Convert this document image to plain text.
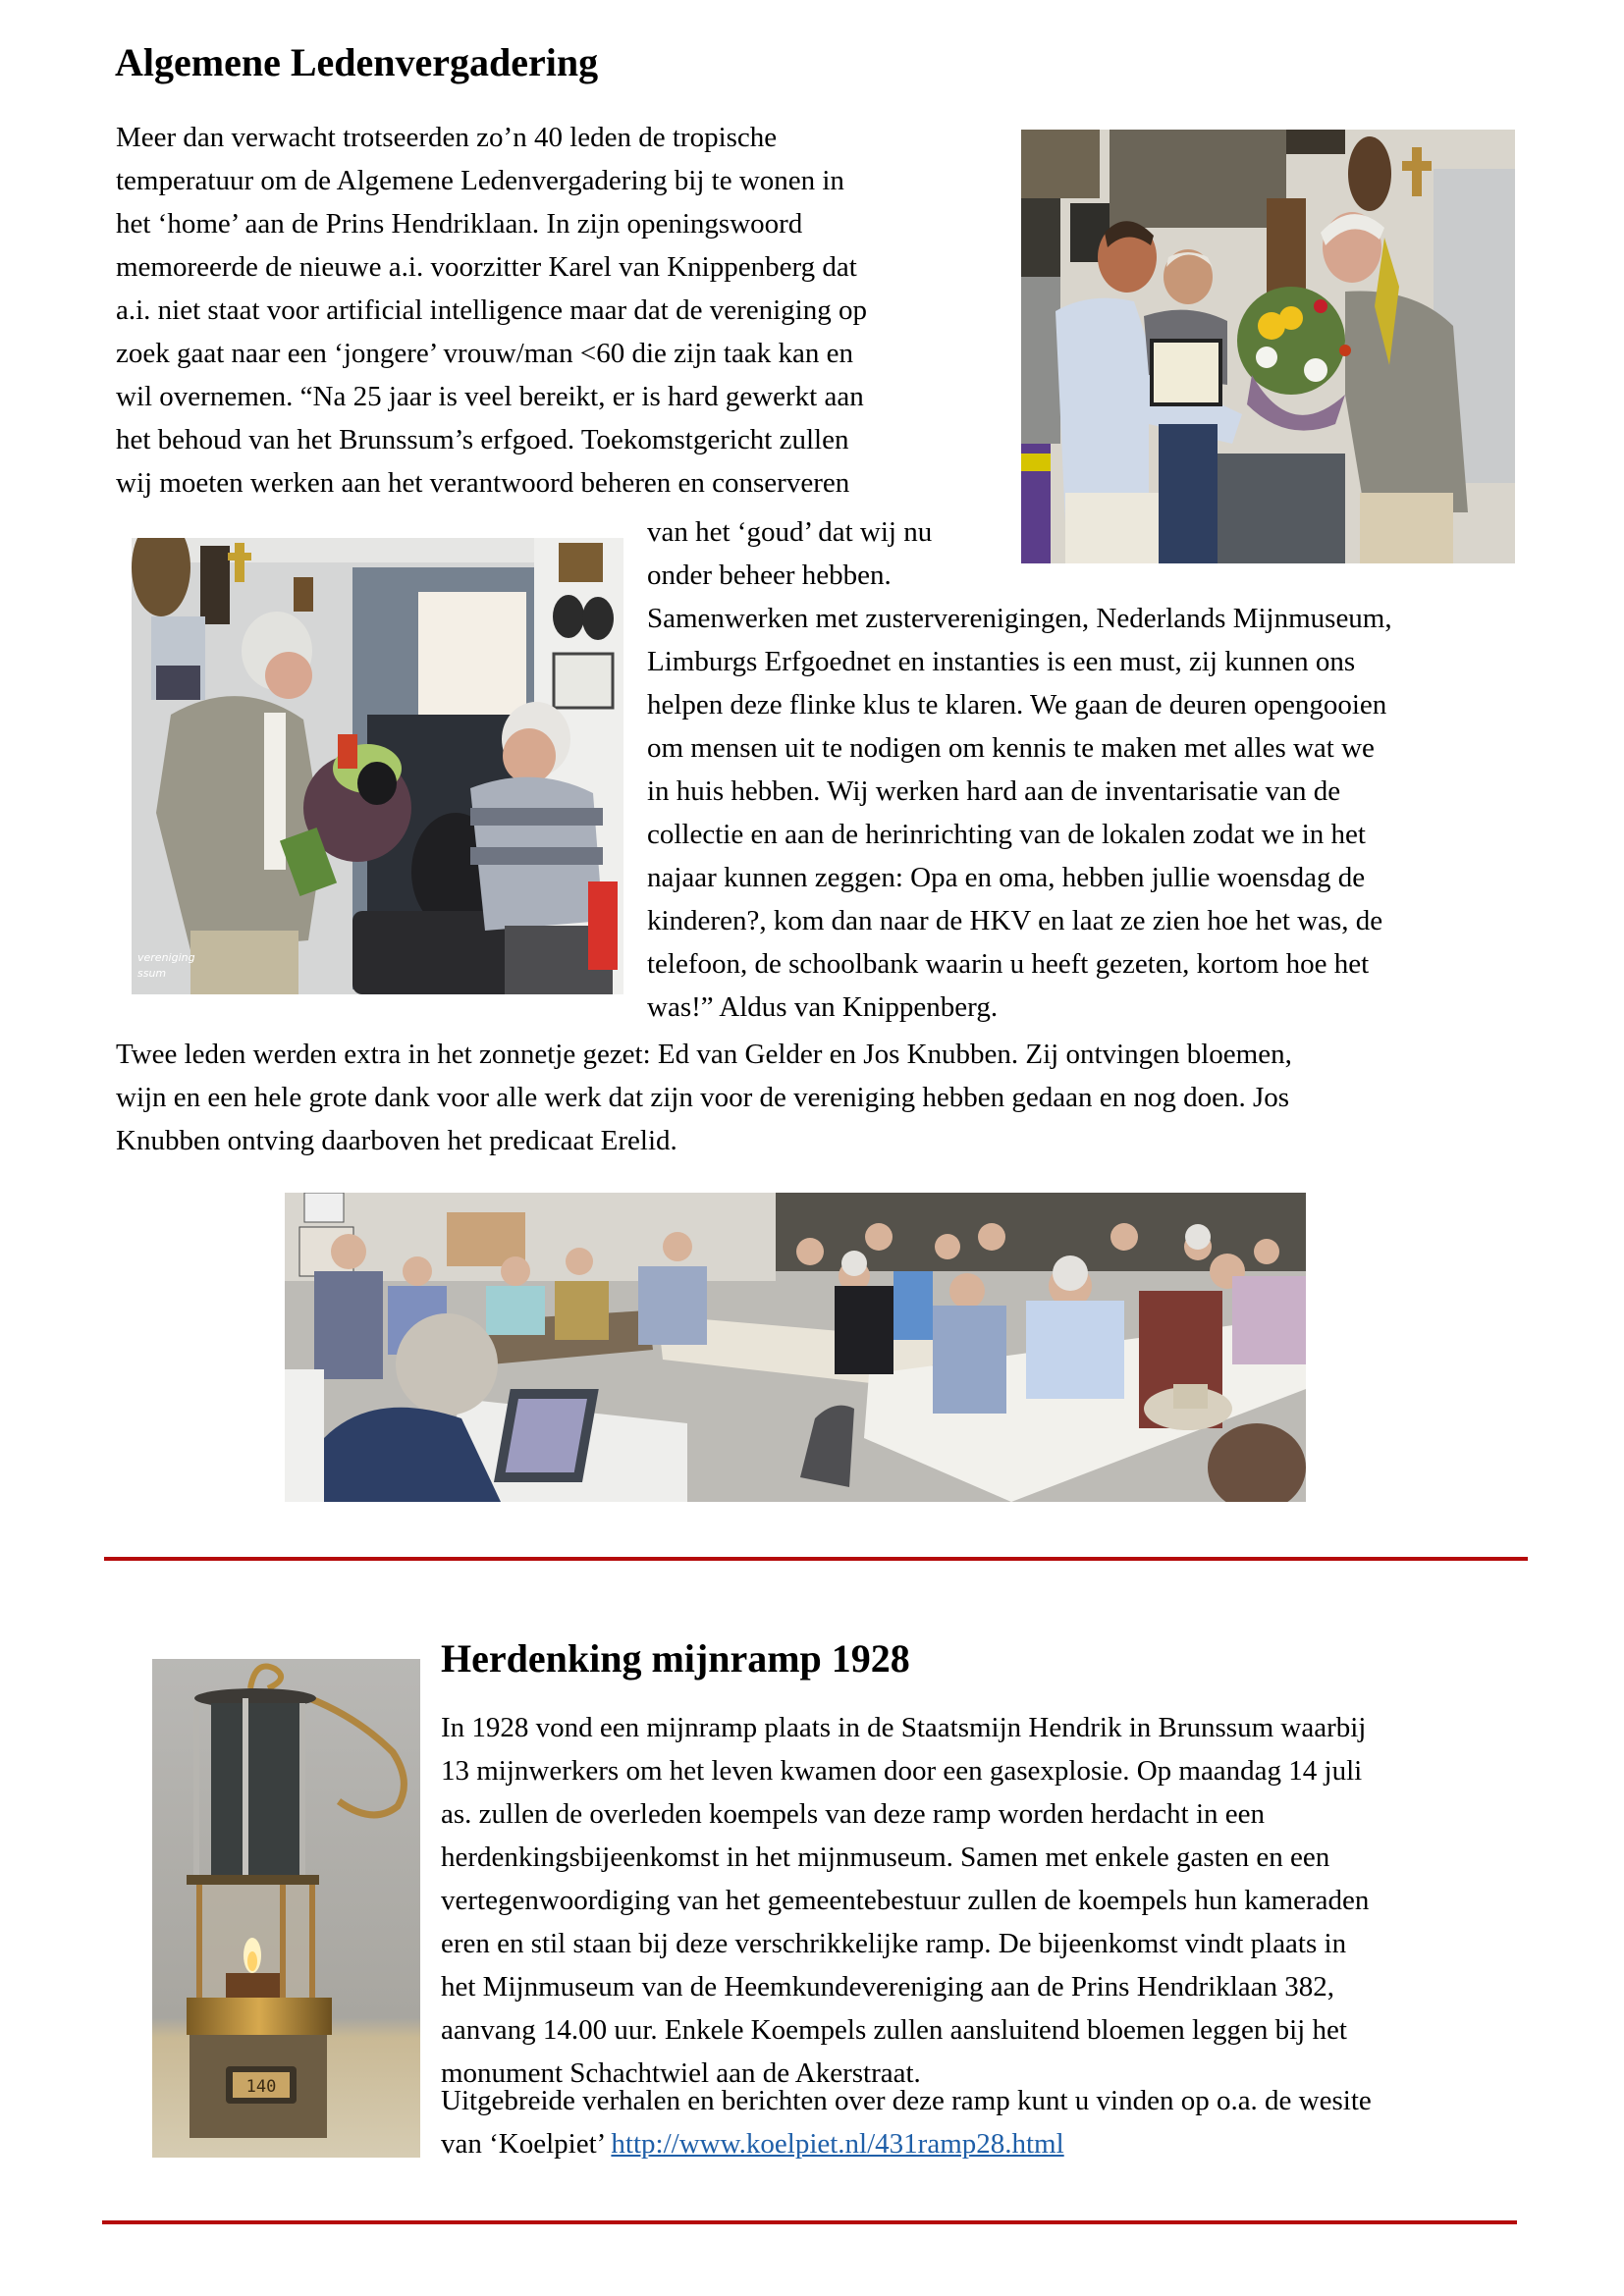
Algemene Ledenvergadering
Meer dan verwacht trotseerden zo’n 40 leden de tropische
temperatuur om de Algemene Ledenvergadering bij te wonen in
het ‘home’ aan de Prins Hendriklaan. In zijn openingswoord
memoreerde de nieuwe a.i. voorzitter Karel van Knippenberg dat
a.i. niet staat voor artificial intelligence maar dat de vereniging op
zoek gaat naar een ‘jongere’ vrouw/man <60 die zijn taak kan en
wil overnemen. “Na 25 jaar is veel bereikt, er is hard gewerkt aan
het behoud van het Brunssum’s erfgoed. Toekomstgericht zullen
wij moeten werken aan het verantwoord beheren en conserveren
van het ‘goud’ dat wij nu
onder beheer hebben.
Samenwerken met zusterverenigingen, Nederlands Mijnmuseum,
Limburgs Erfgoednet en instanties is een must, zij kunnen ons
helpen deze flinke klus te klaren. We gaan de deuren opengooien
om mensen uit te nodigen om kennis te maken met alles wat we
in huis hebben. Wij werken hard aan de inventarisatie van de
collectie en aan de herinrichting van de lokalen zodat we in het
najaar kunnen zeggen: Opa en oma, hebben jullie woensdag de
kinderen?, kom dan naar de HKV en laat ze zien hoe het was, de
telefoon, de schoolbank waarin u heeft gezeten, kortom hoe het
was!” Aldus van Knippenberg.
Twee leden werden extra in het zonnetje gezet: Ed van Gelder en Jos Knubben. Zij ontvingen bloemen,
wijn en een hele grote dank voor alle werk dat zijn voor de vereniging hebben gedaan en nog doen. Jos
Knubben ontving daarboven het predicaat Erelid.
vereniging
ssum
Herdenking mijnramp 1928
140
In 1928 vond een mijnramp plaats in de Staatsmijn Hendrik in Brunssum waarbij
13 mijnwerkers om het leven kwamen door een gasexplosie. Op maandag 14 juli
as. zullen de overleden koempels van deze ramp worden herdacht in een
herdenkingsbijeenkomst in het mijnmuseum. Samen met enkele gasten en een
vertegenwoordiging van het gemeentebestuur zullen de koempels hun kameraden
eren en stil staan bij deze verschrikkelijke ramp. De bijeenkomst vindt plaats in
het Mijnmuseum van de Heemkundevereniging aan de Prins Hendriklaan 382,
aanvang 14.00 uur. Enkele Koempels zullen aansluitend bloemen leggen bij het
monument Schachtwiel aan de Akerstraat.
Uitgebreide verhalen en berichten over deze ramp kunt u vinden op o.a. de wesite
van ‘Koelpiet’ http://www.koelpiet.nl/431ramp28.html
